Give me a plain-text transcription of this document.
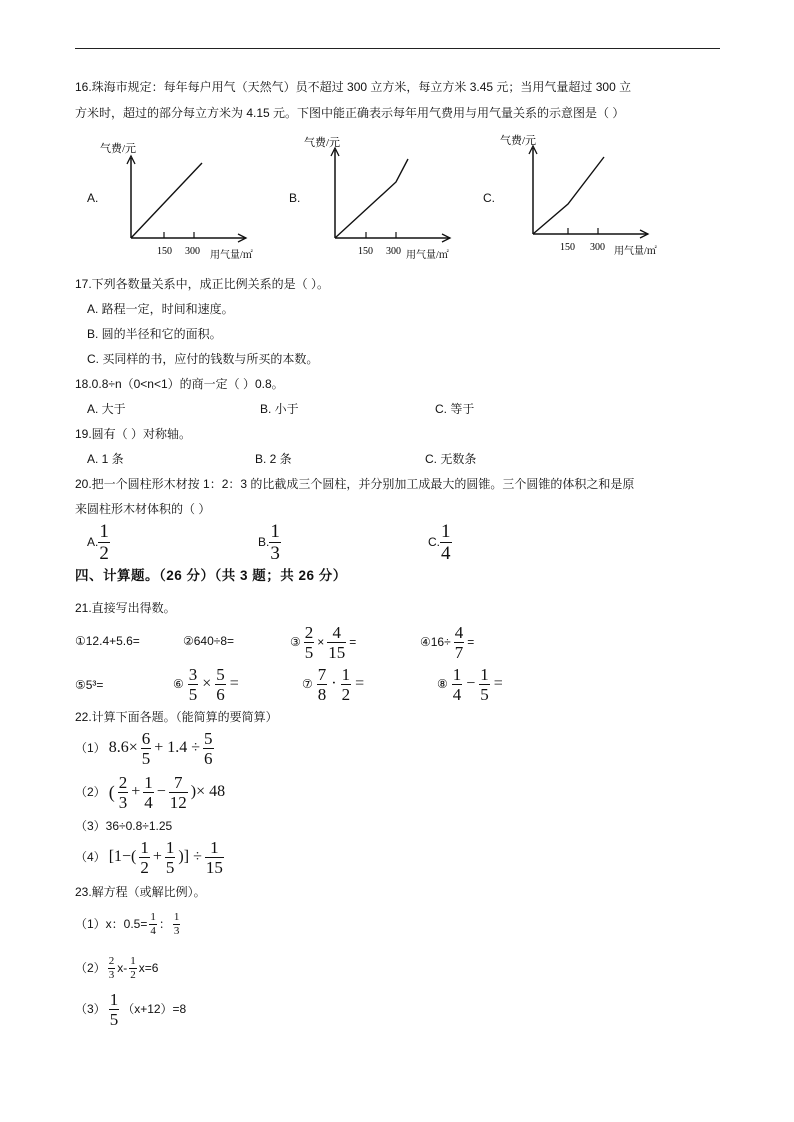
16.珠海市规定：每年每户用气（天然气）员不超过 300 立方米，每立方米 3.45 元；当用气量超过 300 立
方米时，超过的部分每立方米为 4.15 元。下图中能正确表示每年用气费用与用气量关系的示意图是（ ）
A.	B.	C.
气费/元
150 300 用气量/㎡
气费/元
150 300 用气量/㎡
气费/元
150 300 用气量/㎡
17.下列各数量关系中，成正比例关系的是（ ）。
A. 路程一定，时间和速度。
B. 圆的半径和它的面积。
C. 买同样的书，应付的钱数与所买的本数。
18.0.8÷n（0<n<1）的商一定（ ）0.8。
A. 大于	B. 小于	C. 等于
19.圆有（ ）对称轴。
A. 1 条	B. 2 条	C. 无数条
20.把一个圆柱形木材按 1：2：3 的比截成三个圆柱，并分别加工成最大的圆锥。三个圆锥的体积之和是原
来圆柱形木材体积的（ ）
A. $\frac{1}{2}$	B. $\frac{1}{3}$	C. $\frac{1}{4}$
四、计算题。（26 分）（共 3 题；共 26 分）
21.直接写出得数。
①12.4+5.6=	②640÷8=	③ $\frac{2}{5} \times \frac{4}{15}$ =	④16÷ $\frac{4}{7}$ =
⑤5³=	⑥ $\frac{3}{5} \times \frac{5}{6}$ =	⑦ $\frac{7}{8} \cdot \frac{1}{2}$ =	⑧ $\frac{1}{4} - \frac{1}{5}$ =
22.计算下面各题。（能简算的要简算）
（1） $8.6\times \frac{6}{5} + 1.4 \div \frac{5}{6}$
（2） ( $\frac{2}{3} + \frac{1}{4} - \frac{7}{12}$ )× 48
（3）36÷0.8÷1.25
（4） [$1-( \frac{1}{2} + \frac{1}{5}$ )] ÷ $\frac{1}{15}$
23.解方程（或解比例）。
（1）x：$0.5= \frac{1}{4}$ ： $\frac{1}{3}$
$(2) \frac{2}{3} x- \frac{1}{2} x=6$
$(3) \frac{1}{5} (x+12)=8$
